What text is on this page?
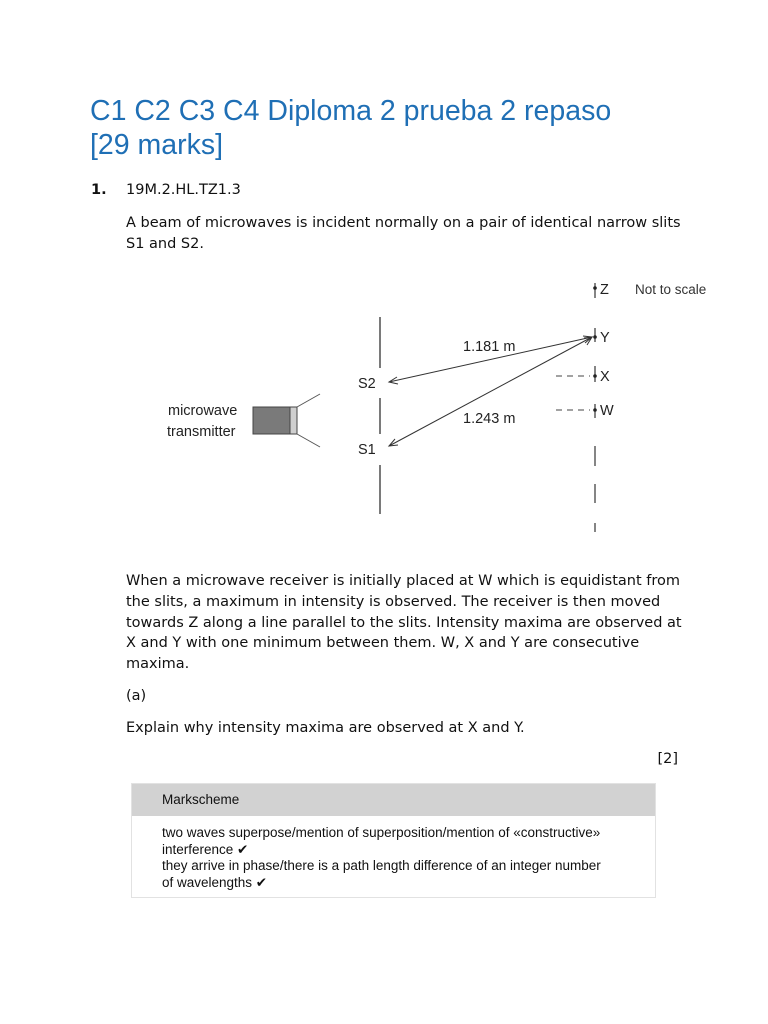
C1 C2 C3 C4 Diploma 2 prueba 2 repaso
[29 marks]
1. 19M.2.HL.TZ1.3

A beam of microwaves is incident normally on a pair of identical narrow slits S1 and S2.

microwave
transmitter
S2
S1
1.181 m
1.243 m
Z
Y
X
W
Not to scale

When a microwave receiver is initially placed at W which is equidistant from the slits, a maximum in intensity is observed. The receiver is then moved towards Z along a line parallel to the slits. Intensity maxima are observed at X and Y with one minimum between them. W, X and Y are consecutive maxima.

(a)

Explain why intensity maxima are observed at X and Y.

[2]
Markscheme
two waves superpose/mention of superposition/mention of «constructive»
interference ✔
they arrive in phase/there is a path length difference of an integer number
of wavelengths ✔
